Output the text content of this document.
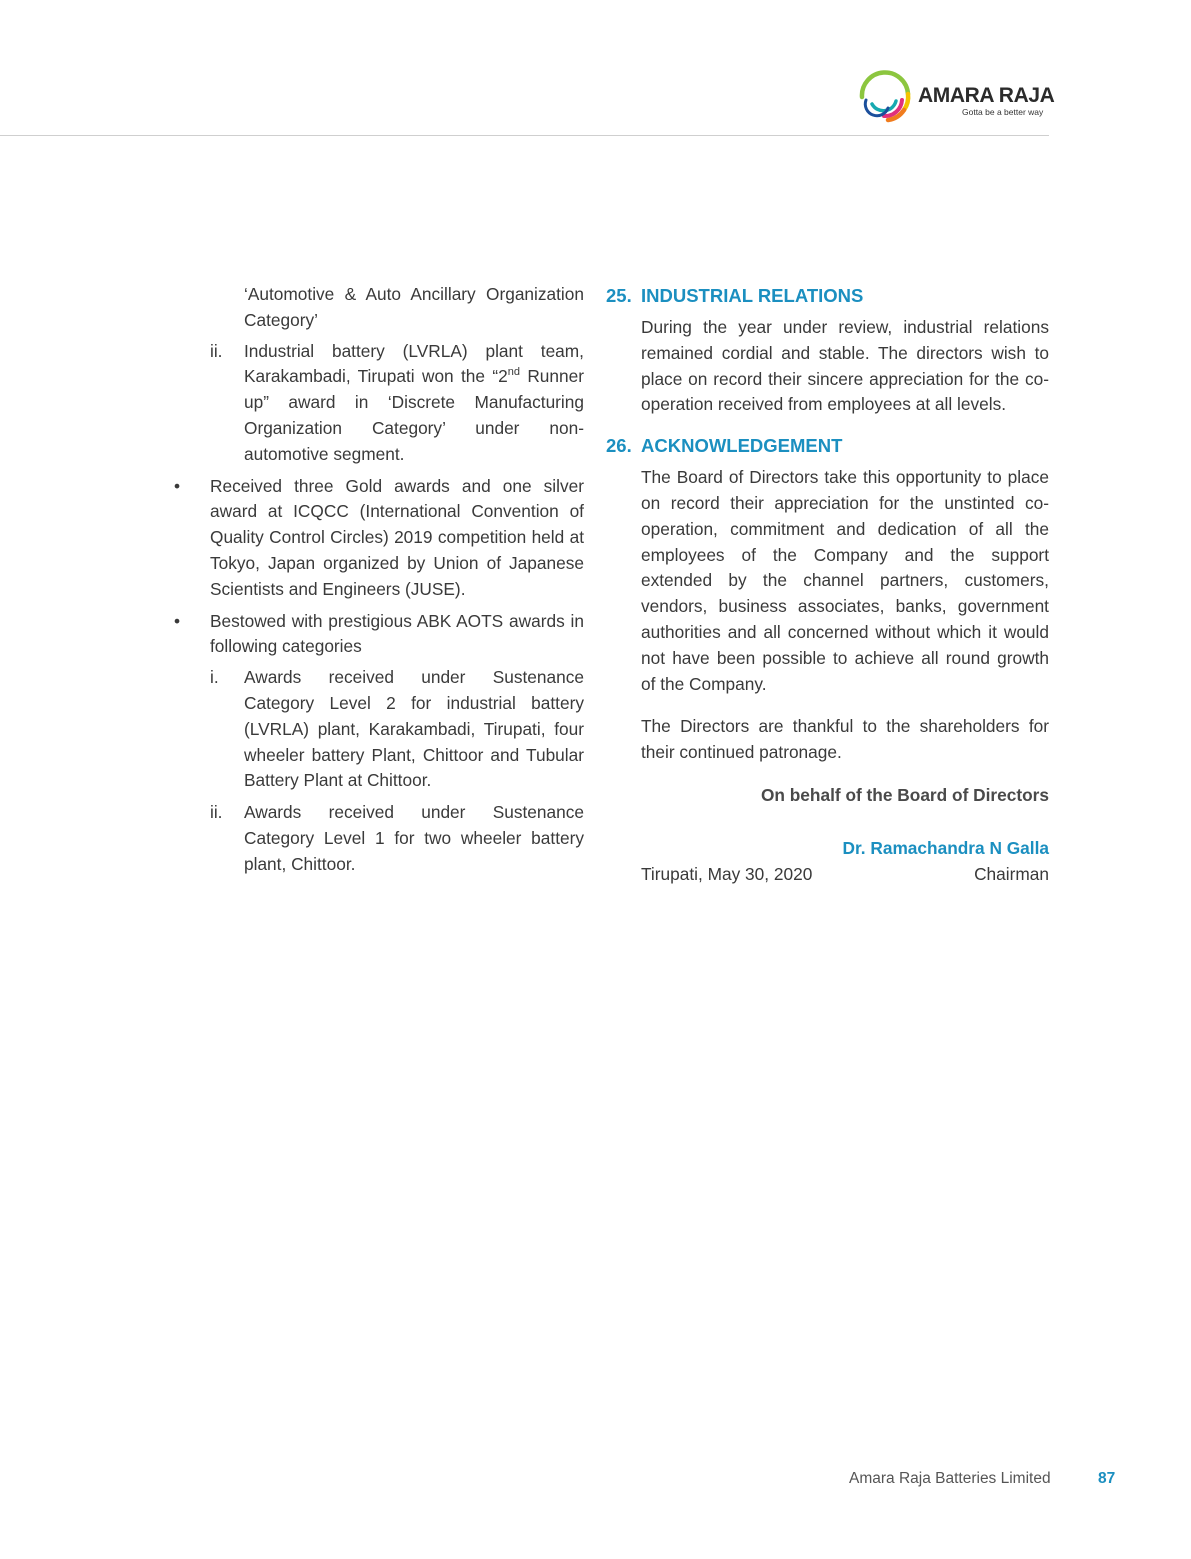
AMARA RAJA
Gotta be a better way
‘Automotive & Auto Ancillary Organization Category’
ii.	Industrial battery (LVRLA) plant team, Karakambadi, Tirupati won the “2nd Runner up” award in ‘Discrete Manufacturing Organization Category’ under non-automotive segment.
•	Received three Gold awards and one silver award at ICQCC (International Convention of Quality Control Circles) 2019 competition held at Tokyo, Japan organized by Union of Japanese Scientists and Engineers (JUSE).
•	Bestowed with prestigious ABK AOTS awards in following categories
i.	Awards received under Sustenance Category Level 2 for industrial battery (LVRLA) plant, Karakambadi, Tirupati, four wheeler battery Plant, Chittoor and Tubular Battery Plant at Chittoor.
ii.	Awards received under Sustenance Category Level 1 for two wheeler battery plant, Chittoor.
25. INDUSTRIAL RELATIONS
During the year under review, industrial relations remained cordial and stable. The directors wish to place on record their sincere appreciation for the co-operation received from employees at all levels.
26. ACKNOWLEDGEMENT
The Board of Directors take this opportunity to place on record their appreciation for the unstinted co-operation, commitment and dedication of all the employees of the Company and the support extended by the channel partners, customers, vendors, business associates, banks, government authorities and all concerned without which it would not have been possible to achieve all round growth of the Company.
The Directors are thankful to the shareholders for their continued patronage.
On behalf of the Board of Directors
Dr. Ramachandra N Galla
Tirupati, May 30, 2020	Chairman
Amara Raja Batteries Limited	87
